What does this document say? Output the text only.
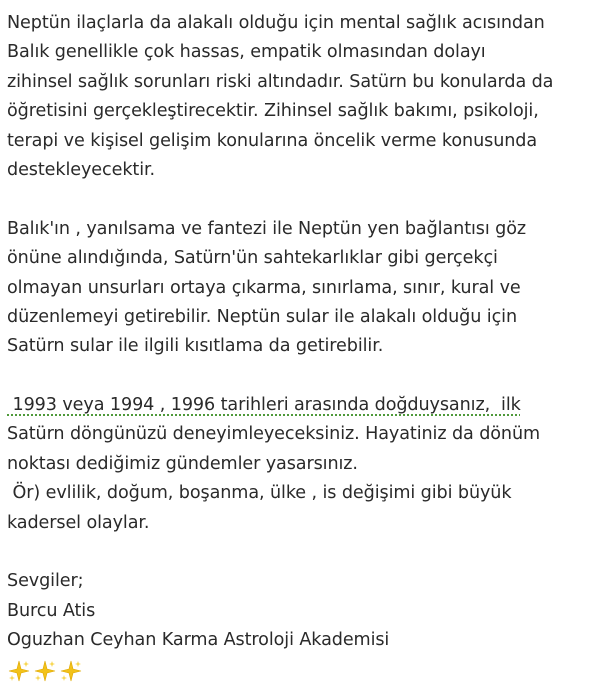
Neptün ilaçlarla da alakalı olduğu için mental sağlık acısından
Balık genellikle çok hassas, empatik olmasından dolayı
zihinsel sağlık sorunları riski altındadır. Satürn bu konularda da
öğretisini gerçekleştirecektir. Zihinsel sağlık bakımı, psikoloji,
terapi ve kişisel gelişim konularına öncelik verme konusunda
destekleyecektir.
Balık'ın , yanılsama ve fantezi ile Neptün yen bağlantısı göz
önüne alındığında, Satürn'ün sahtekarlıklar gibi gerçekçi
olmayan unsurları ortaya çıkarma, sınırlama, sınır, kural ve
düzenlemeyi getirebilir. Neptün sular ile alakalı olduğu için
Satürn sular ile ilgili kısıtlama da getirebilir.
1993 veya 1994 , 1996 tarihleri arasında doğduysanız,  ilk
Satürn döngünüzü deneyimleyeceksiniz. Hayatiniz da dönüm
noktası dediğimiz gündemler yasarsınız.
Ör) evlilik, doğum, boşanma, ülke , is değişimi gibi büyük
kadersel olaylar.
Sevgiler;
Burcu Atis
Oguzhan Ceyhan Karma Astroloji Akademisi
